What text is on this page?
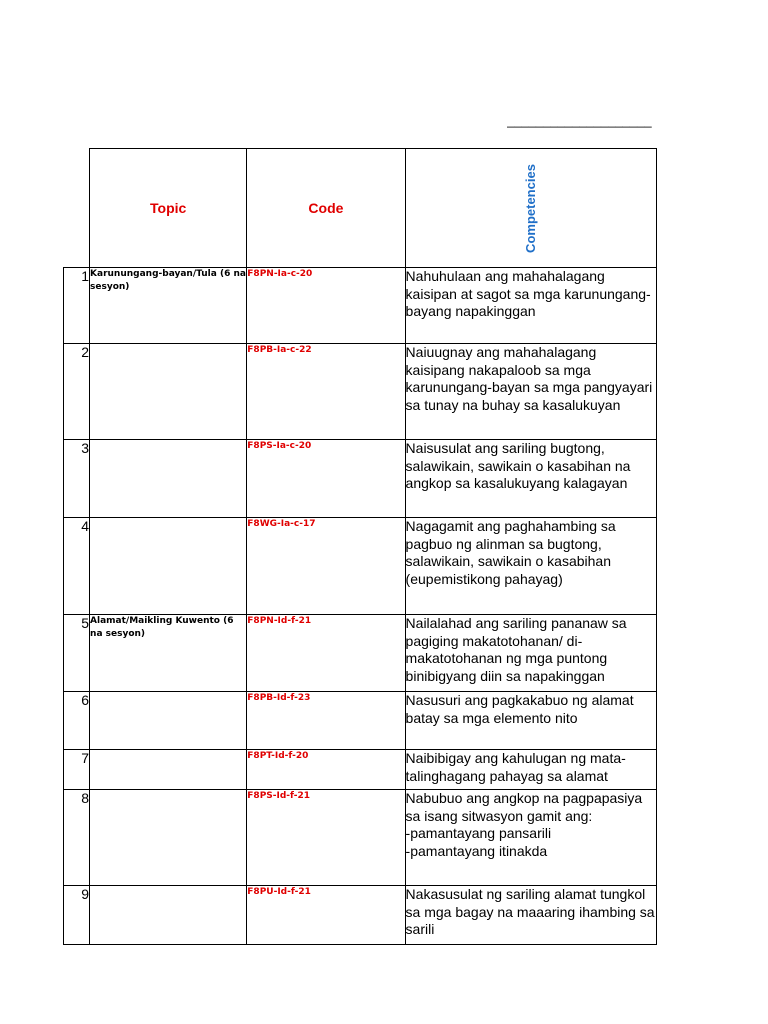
____________________
	Topic	Code	Competencies
1	Karunungang-bayan/Tula (6 na sesyon)	F8PN-Ia-c-20	Nahuhulaan ang mahahalagang kaisipan at sagot sa mga karunungang-bayang napakinggan
2		F8PB-Ia-c-22	Naiuugnay ang mahahalagang kaisipang nakapaloob sa mga karunungang-bayan sa mga pangyayari sa tunay na buhay sa kasalukuyan
3		F8PS-Ia-c-20	Naisusulat ang sariling bugtong, salawikain, sawikain o kasabihan na angkop sa kasalukuyang kalagayan
4		F8WG-Ia-c-17	Nagagamit ang paghahambing sa pagbuo ng alinman sa bugtong, salawikain, sawikain o kasabihan (eupemistikong pahayag)
5	Alamat/Maikling Kuwento (6 na sesyon)	F8PN-Id-f-21	Nailalahad ang sariling pananaw sa pagiging makatotohanan/ di-makatotohanan ng mga puntong binibigyang diin sa napakinggan
6		F8PB-Id-f-23	Nasusuri ang pagkakabuo ng alamat batay sa mga elemento nito
7		F8PT-Id-f-20	Naibibigay ang kahulugan ng mata-talinghagang pahayag sa alamat
8		F8PS-Id-f-21	Nabubuo ang angkop na pagpapasiya sa isang sitwasyon gamit ang:
-pamantayang pansarili
-pamantayang itinakda
9		F8PU-Id-f-21	Nakasusulat ng sariling alamat tungkol sa mga bagay na maaaring ihambing sa sarili
